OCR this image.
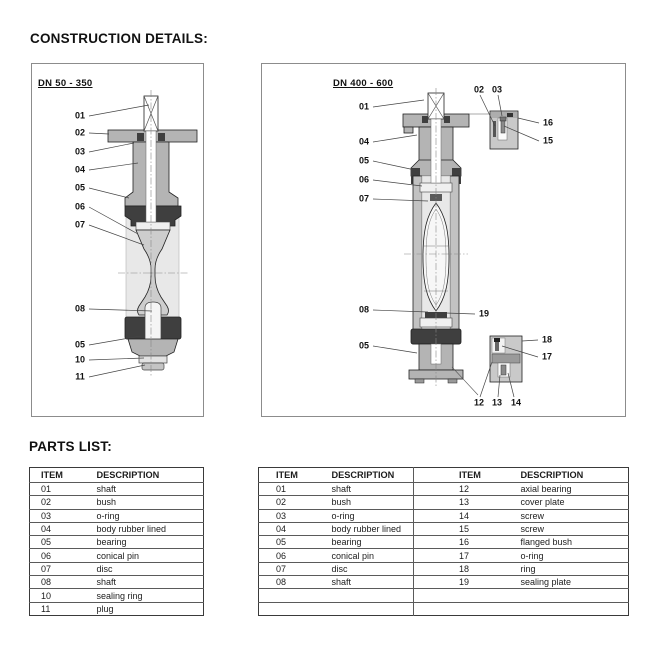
CONSTRUCTION DETAILS:
DN 50 - 350
01
02
03
04
05
06
07
08
05
10
11
DN 400 - 600
01
04
05
06
07
08	19
05
02 03
16
15
18
17
12 13 14
PARTS LIST:
ITEM	DESCRIPTION
01	shaft
02	bush
03	o-ring
04	body rubber lined
05	bearing
06	conical pin
07	disc
08	shaft
10	sealing ring
11	plug
ITEM	DESCRIPTION	ITEM	DESCRIPTION
01	shaft	12	axial bearing
02	bush	13	cover plate
03	o-ring	14	screw
04	body rubber lined	15	screw
05	bearing	16	flanged bush
06	conical pin	17	o-ring
07	disc	18	ring
08	shaft	19	sealing plate
